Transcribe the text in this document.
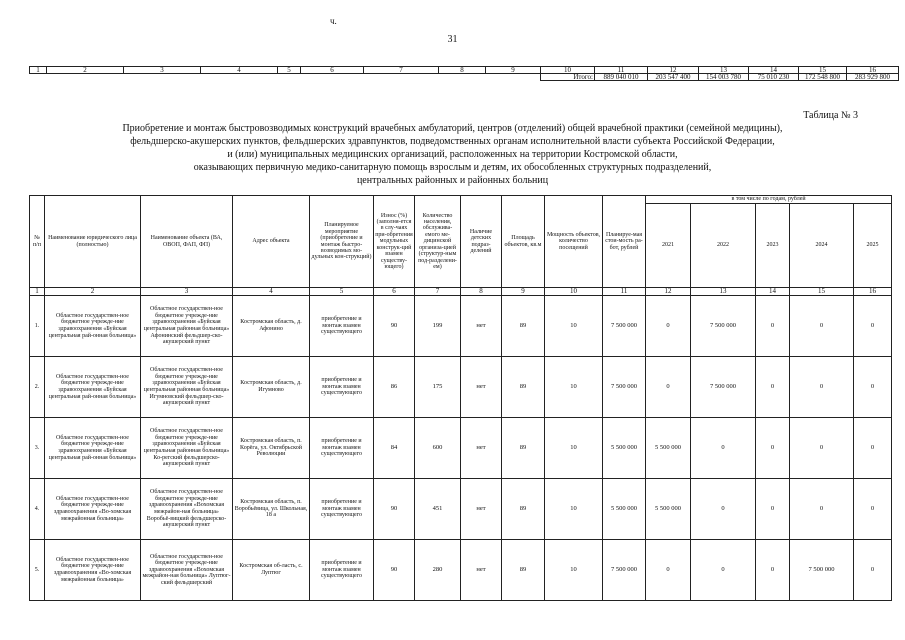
ч.
31
1	2	3	4	5	6	7	8	9	10	11	12	13	14	15	16
									Итого:	889 040 010	203 547 400	154 003 780	75 010 230	172 548 800	283 929 800
Таблица № 3
Приобретение и монтаж быстровозводимых конструкций врачебных амбулаторий, центров (отделений) общей врачебной практики (семейной медицины),
фельдшерско-акушерских пунктов, фельдшерских здравпунктов, подведомственных органам исполнительной власти субъекта Российской Федерации,
и (или) муниципальных медицинских организаций, расположенных на территории Костромской области,
оказывающих первичную медико-санитарную помощь взрослым и детям, их обособленных структурных подразделений,
центральных районных и районных больниц
№ п/п	Наименование юридического лица (полностью)	Наименование объекта (ВА, ОВОП, ФАП, ФП)	Адрес объекта	Планируемое мероприятие (приобретение и монтаж быстро-возводимых мо-дульных кон-струкций)	Износ (%) (заполня-ется в слу-чаях при-обретения модульных конструк-ций взамен существу-ющего)	Количество населения, обслужива-емого ме-дицинской организа-цией (структур-ным под-разделени-ем)	Наличие детских подраз-делений	Площадь объектов, кв.м	Мощность объектов, количество посещений	Планируе-мая стои-мость ра-бот, рублей	в том числе по годам, рублей				
											2021	2022	2023	2024	2025
1	2	3	4	5	6	7	8	9	10	11	12	13	14	15	16
1.	Областное государствен-ное бюджетное учрежде-ние здравоохранения «Буйская центральная рай-онная больница»	Областное государствен-ное бюджетное учрежде-ние здравоохранения «Буйская центральная районная больница» Афонинский фельдшер-ско-акушерский пункт	Костромская область, д. Афонино	приобретение и монтаж взамен существующего	90	199	нет	89	10	7 500 000	0	7 500 000	0	0	0
2.	Областное государствен-ное бюджетное учрежде-ние здравоохранения «Буйская центральная рай-онная больница»	Областное государствен-ное бюджетное учрежде-ние здравоохранения «Буйская центральная районная больница» Игумновский фельдшер-ско-акушерский пункт	Костромская область, д. Игумново	приобретение и монтаж взамен существующего	86	175	нет	89	10	7 500 000	0	7 500 000	0	0	0
3.	Областное государствен-ное бюджетное учрежде-ние здравоохранения «Буйская центральная рай-онная больница»	Областное государствен-ное бюджетное учрежде-ние здравоохранения «Буйская центральная районная больница» Ко-регский фельдшерско-акушерский пункт	Костромская область, п. Корёга, ул. Октябрьской Революции	приобретение и монтаж взамен существующего	84	600	нет	89	10	5 500 000	5 500 000	0	0	0	0
4.	Областное государствен-ное бюджетное учрежде-ние здравоохранения «Во-хомская межрайонная больница»	Областное государствен-ное бюджетное учрежде-ние здравоохранения «Вохомская межрайон-ная больница» Воробьё-вицкий фельдшерско-акушерский пункт	Костромская область, п. Воробьёвица, ул. Школьная, 18 а	приобретение и монтаж взамен существующего	90	451	нет	89	10	5 500 000	5 500 000	0	0	0	0
5.	Областное государствен-ное бюджетное учрежде-ние здравоохранения «Во-хомская межрайонная больница»	Областное государствен-ное бюджетное учрежде-ние здравоохранения «Вохомская межрайон-ная больница» Луптюг-ский фельдшерский	Костромская об-ласть, с. Луптюг	приобретение и монтаж взамен существующего	90	280	нет	89	10	7 500 000	0	0	0	7 500 000	0
